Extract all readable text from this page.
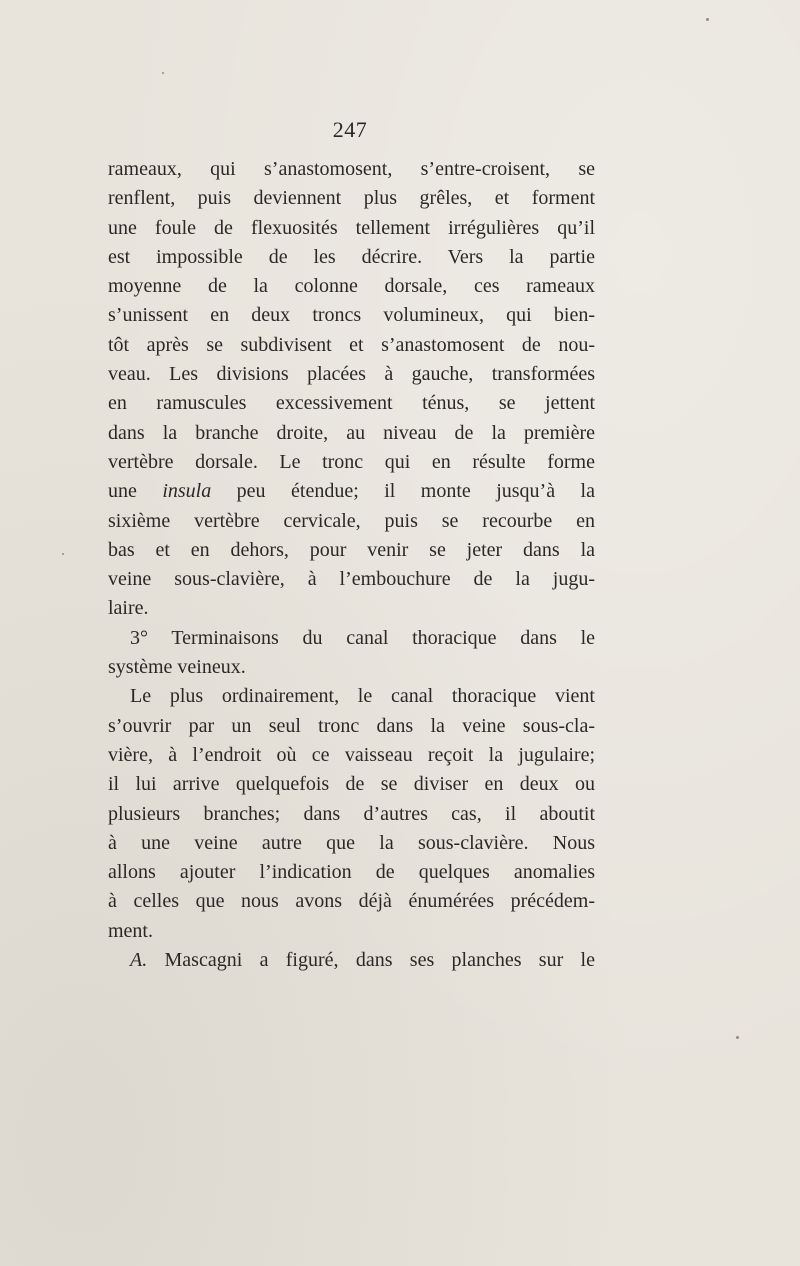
247
rameaux, qui s’anastomosent, s’entre-croisent, se
renflent, puis deviennent plus grêles, et forment
une foule de flexuosités tellement irrégulières qu’il
est impossible de les décrire. Vers la partie
moyenne de la colonne dorsale, ces rameaux
s’unissent en deux troncs volumineux, qui bien-
tôt après se subdivisent et s’anastomosent de nou-
veau. Les divisions placées à gauche, transformées
en ramuscules excessivement ténus, se jettent
dans la branche droite, au niveau de la première
vertèbre dorsale. Le tronc qui en résulte forme
une insula peu étendue; il monte jusqu’à la
sixième vertèbre cervicale, puis se recourbe en
bas et en dehors, pour venir se jeter dans la
veine sous-clavière, à l’embouchure de la jugu-
laire.
3° Terminaisons du canal thoracique dans le
système veineux.
Le plus ordinairement, le canal thoracique vient
s’ouvrir par un seul tronc dans la veine sous-cla-
vière, à l’endroit où ce vaisseau reçoit la jugulaire;
il lui arrive quelquefois de se diviser en deux ou
plusieurs branches; dans d’autres cas, il aboutit
à une veine autre que la sous-clavière. Nous
allons ajouter l’indication de quelques anomalies
à celles que nous avons déjà énumérées précédem-
ment.
A. Mascagni a figuré, dans ses planches sur le
